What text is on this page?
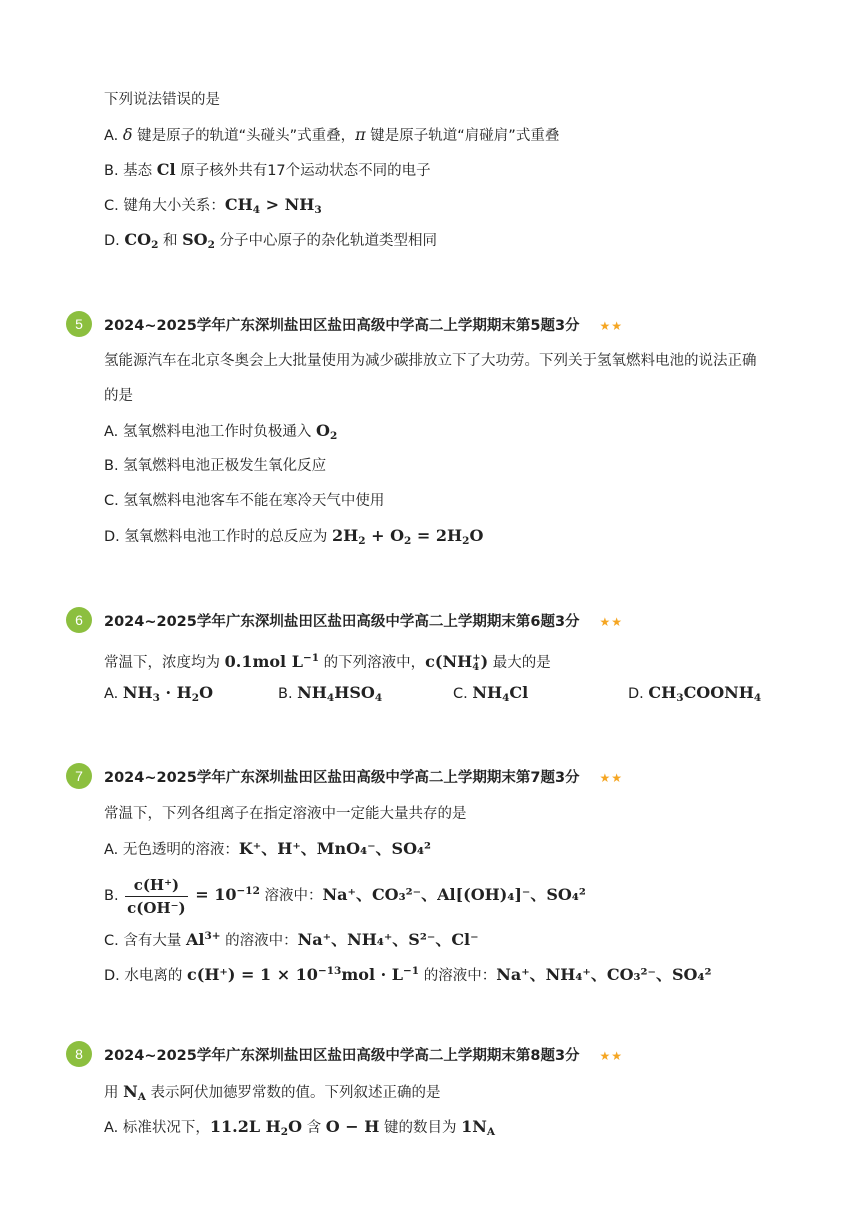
下列说法错误的是
A. δ 键是原子的轨道“头碰头”式重叠，π 键是原子轨道“肩碰肩”式重叠
B. 基态 Cl 原子核外共有17个运动状态不同的电子
C. 键角大小关系：$CH_4 > NH_3$
D. $CO_2$ 和 $SO_2$ 分子中心原子的杂化轨道类型相同
5	2024~2025学年广东深圳盐田区盐田高级中学高二上学期期末第5题3分 ★★
氢能源汽车在北京冬奥会上大批量使用为减少碳排放立下了大功劳。下列关于氢氧燃料电池的说法正确
的是
A. 氢氧燃料电池工作时负极通入 $O_2$
B. 氢氧燃料电池正极发生氧化反应
C. 氢氧燃料电池客车不能在寒冷天气中使用
D. 氢氧燃料电池工作时的总反应为 $2H_2 + O_2 = 2H_2O$
6	2024~2025学年广东深圳盐田区盐田高级中学高二上学期期末第6题3分 ★★
常温下，浓度均为 0.1mol $L^{-1}$ 的下列溶液中，c(NH +
4 ) 最大的是
A. $NH_3 \cdot H_2O$	B. $NH_4HSO_4$	C. $NH_4Cl$	D. $CH_3COONH_4$
7	2024~2025学年广东深圳盐田区盐田高级中学高二上学期期末第7题3分 ★★
常温下，下列各组离子在指定溶液中一定能大量共存的是
A. 无色透明的溶液：K⁺、H⁺、MnO₄⁻、SO₄²
B. $\frac{c(H^+)}{c(OH^-)} = 10^{-12}$ 溶液中：Na⁺、CO₃²⁻、Al[(OH)₄]⁻、SO₄²
C. 含有大量 $Al^{3+}$ 的溶液中：Na⁺、NH₄⁺、S²⁻、Cl⁻
D. 水电离的 $c(H^+) = 1 \times 10^{-13}mol \cdot L^{-1}$ 的溶液中：Na⁺、NH₄⁺、CO₃²⁻、SO₄²
8	2024~2025学年广东深圳盐田区盐田高级中学高二上学期期末第8题3分 ★★
用 $N_A$ 表示阿伏加德罗常数的值。下列叙述正确的是
A. 标准状况下，11.2L $H_2O$ 含 O − H 键的数目为 $1N_A$
